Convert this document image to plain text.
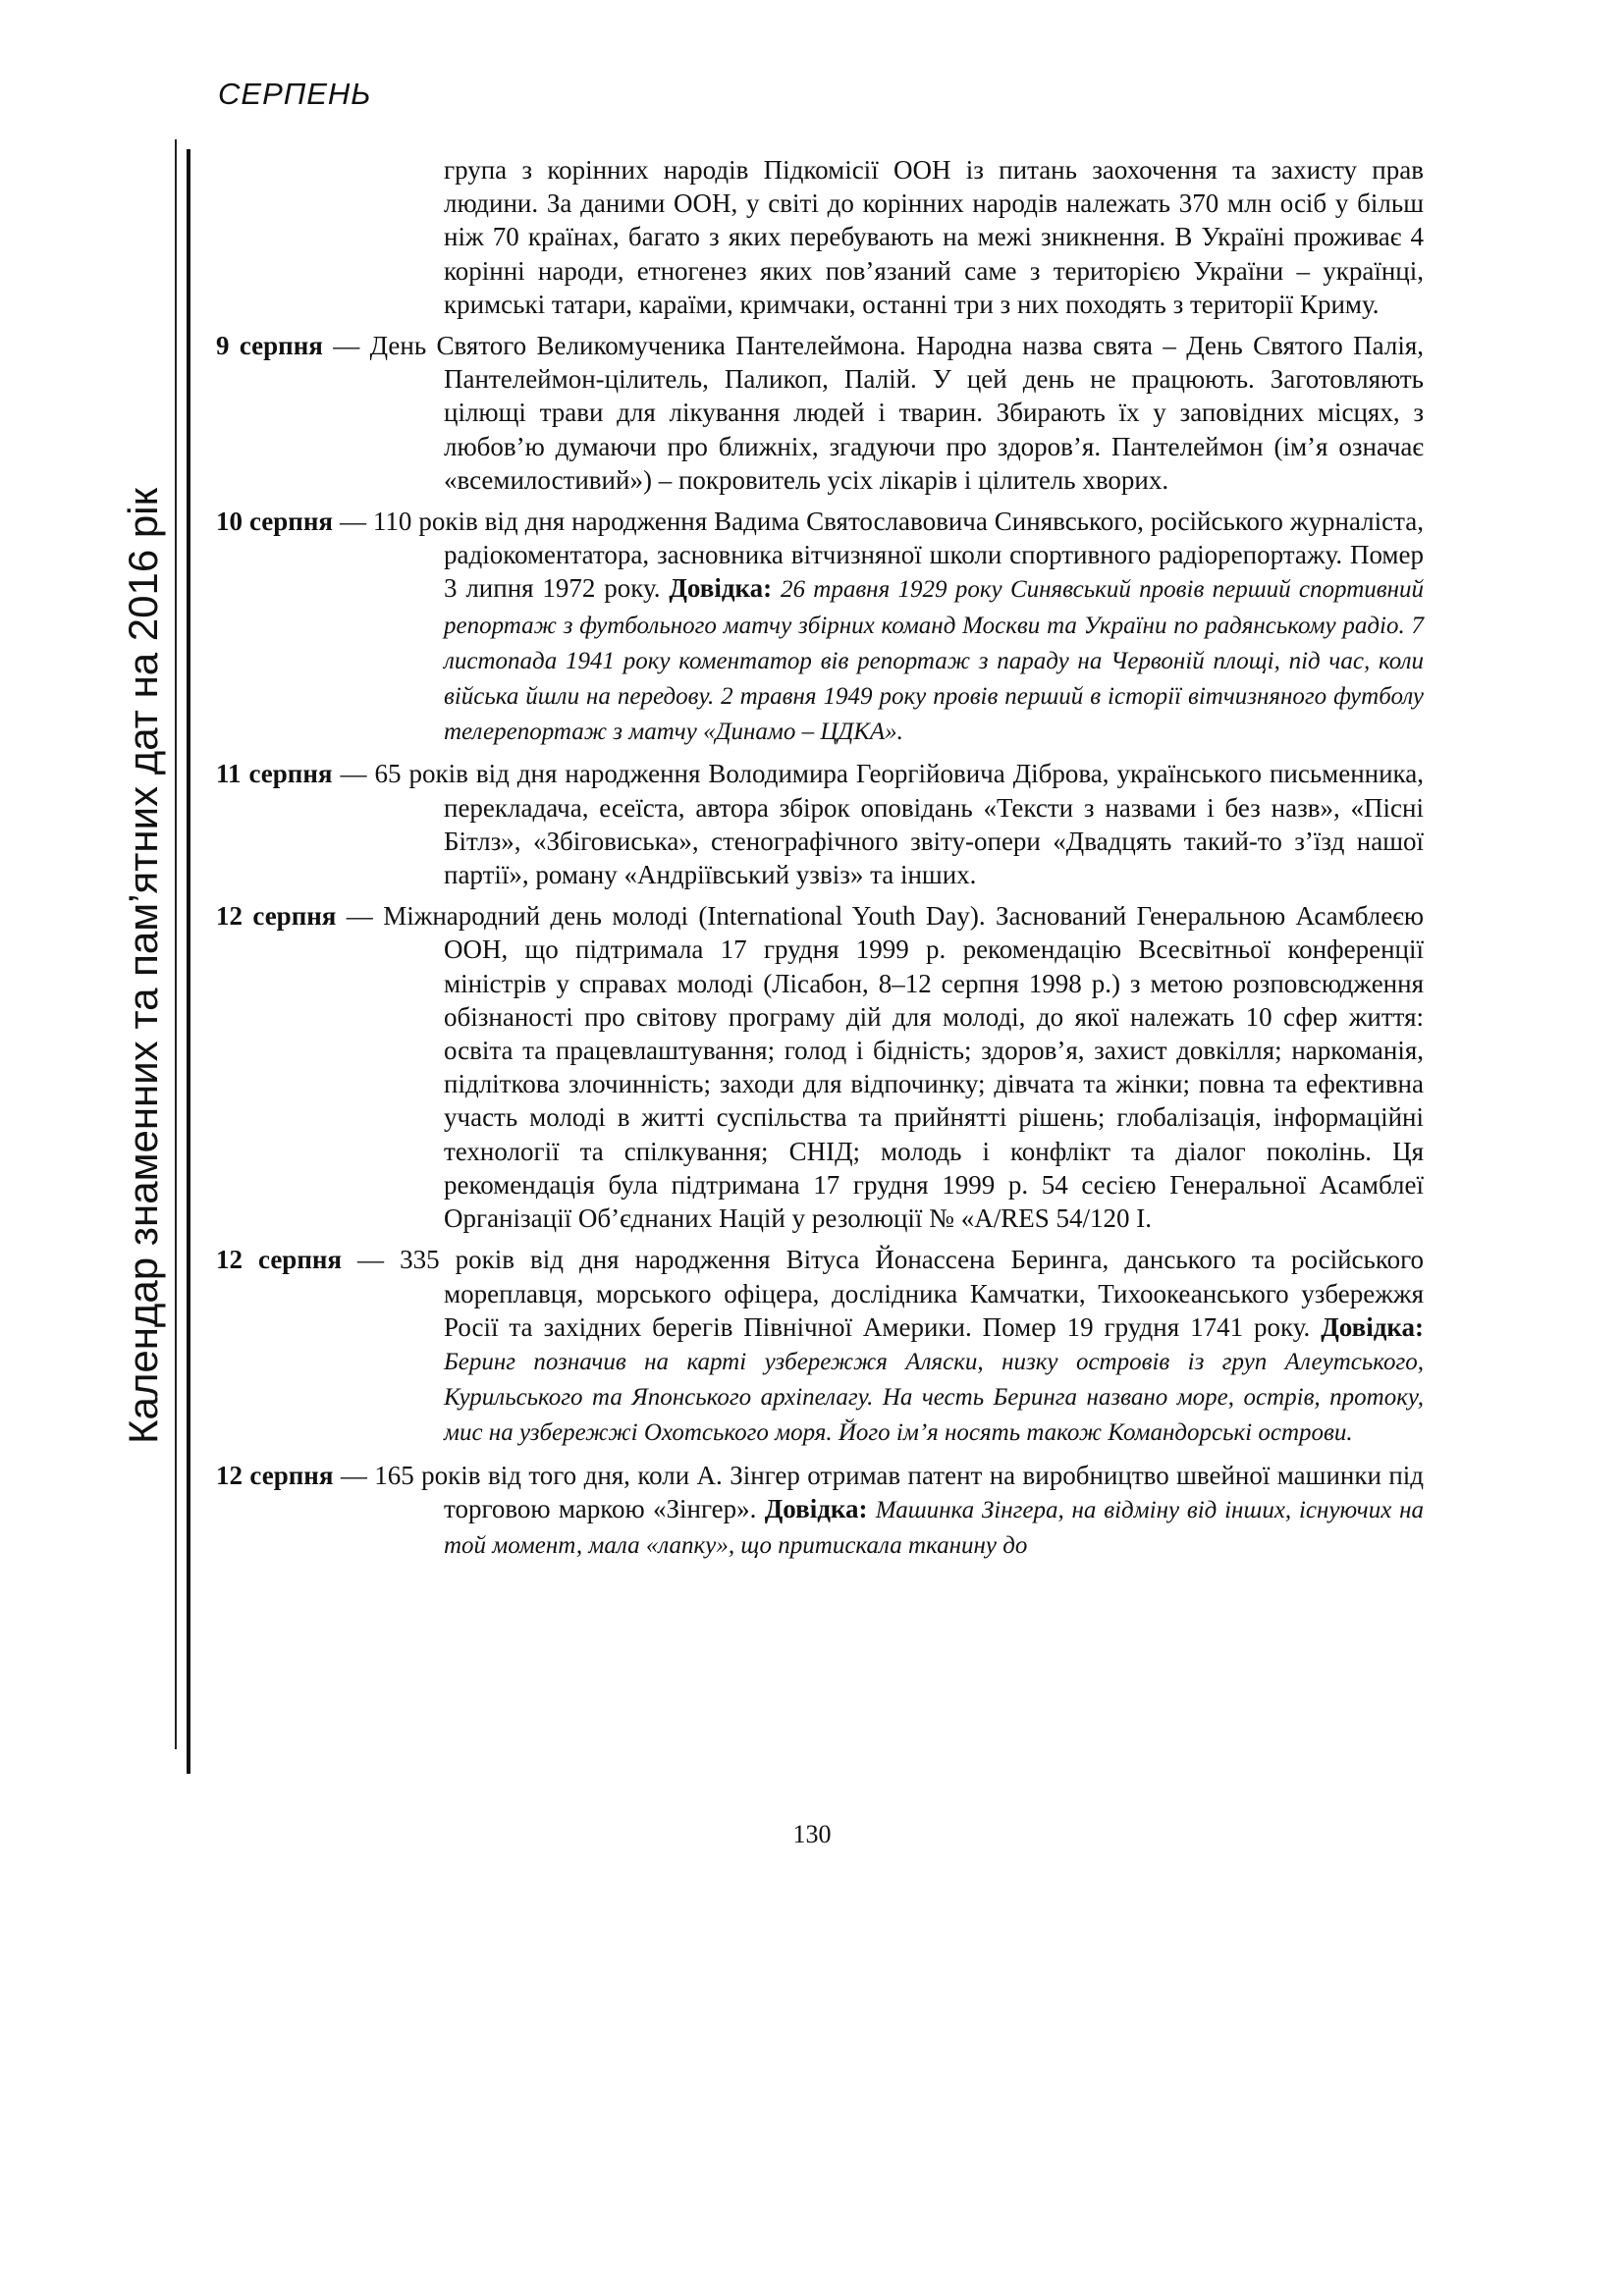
СЕРПЕНЬ
Календар знаменних та пам’ятних дат на 2016 рік

група з корінних народів Підкомісії ООН із питань заохочення та захисту прав людини. За даними ООН, у світі до корінних народів належать 370 млн осіб у більш ніж 70 країнах, багато з яких перебувають на межі зникнення. В Україні проживає 4 корінні народи, етногенез яких пов’язаний саме з територією України – українці, кримські татари, караїми, кримчаки, останні три з них походять з території Криму.

9 серпня — День Святого Великомученика Пантелеймона. Народна назва свята – День Святого Палія, Пантелеймон-цілитель, Паликоп, Палій. У цей день не працюють. Заготовляють цілющі трави для лікування людей і тварин. Збирають їх у заповідних місцях, з любов’ю думаючи про ближніх, згадуючи про здоров’я. Пантелеймон (ім’я означає «всемилостивий») – покровитель усіх лікарів і цілитель хворих.

10 серпня — 110 років від дня народження Вадима Святославовича Синявського, російського журналіста, радіокоментатора, засновника вітчизняної школи спортивного радіорепортажу. Помер 3 липня 1972 року. Довідка: 26 травня 1929 року Синявський провів перший спортивний репортаж з футбольного матчу збірних команд Москви та України по радянському радіо. 7 листопада 1941 року коментатор вів репортаж з параду на Червоній площі, під час, коли війська йшли на передову. 2 травня 1949 року провів перший в історії вітчизняного футболу телерепортаж з матчу «Динамо – ЦДКА».

11 серпня — 65 років від дня народження Володимира Георгійовича Діброва, українського письменника, перекладача, есеїста, автора збірок оповідань «Тексти з назвами і без назв», «Пісні Бітлз», «Збіговиська», стенографічного звіту-опери «Двадцять такий-то з’їзд нашої партії», роману «Андріївський узвіз» та інших.

12 серпня — Міжнародний день молоді (International Youth Day). Заснований Генеральною Асамблеєю ООН, що підтримала 17 грудня 1999 р. рекомендацію Всесвітньої конференції міністрів у справах молоді (Лісабон, 8–12 серпня 1998 р.) з метою розповсюдження обізнаності про світову програму дій для молоді, до якої належать 10 сфер життя: освіта та працевлаштування; голод і бідність; здоров’я, захист довкілля; наркоманія, підліткова злочинність; заходи для відпочинку; дівчата та жінки; повна та ефективна участь молоді в житті суспільства та прийнятті рішень; глобалізація, інформаційні технології та спілкування; СНІД; молодь і конфлікт та діалог поколінь. Ця рекомендація була підтримана 17 грудня 1999 р. 54 сесією Генеральної Асамблеї Організації Об’єднаних Націй у резолюції № «A/RES 54/120 I.

12 серпня — 335 років від дня народження Вітуса Йонассена Беринга, данського та російського мореплавця, морського офіцера, дослідника Камчатки, Тихоокеанського узбережжя Росії та західних берегів Північної Америки. Помер 19 грудня 1741 року. Довідка: Беринг позначив на карті узбережжя Аляски, низку островів із груп Алеутського, Курильського та Японського архіпелагу. На честь Беринга названо море, острів, протоку, мис на узбережжі Охотського моря. Його ім’я носять також Командорські острови.

12 серпня — 165 років від того дня, коли А. Зінгер отримав патент на виробництво швейної машинки під торговою маркою «Зінгер». Довідка: Машинка Зінгера, на відміну від інших, існуючих на той момент, мала «лапку», що притискала тканину до

130
